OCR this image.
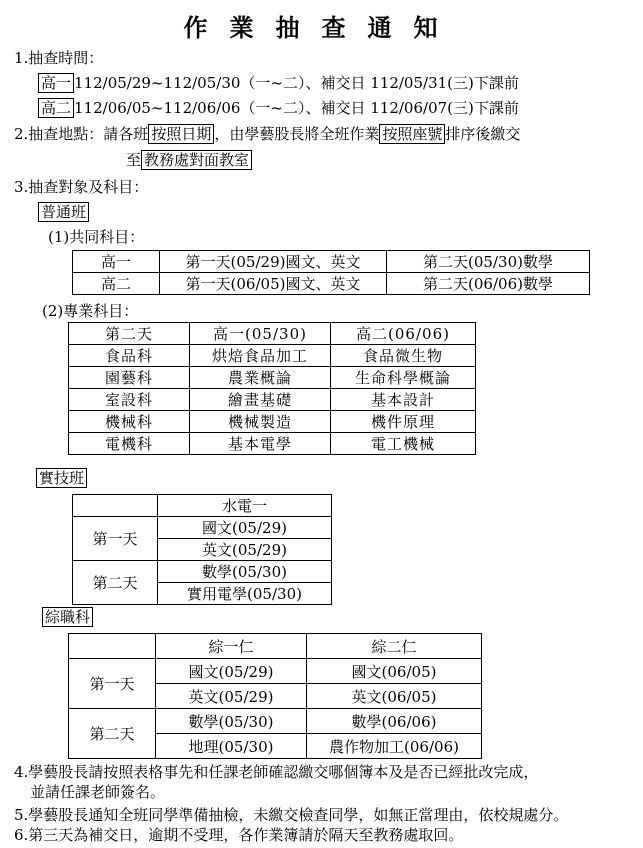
作業抽查通知
1.抽查時間：
高一 112/05/29~112/05/30（一~二）、補交日 112/05/31(三)下課前
高二 112/06/05~112/06/06（一~二）、補交日 112/06/07(三)下課前
2.抽查地點：請各班 按照日期 ，由學藝股長將全班作業 按照座號 排序後繳交
至 教務處對面教室
3.抽查對象及科目：
普通班
(1)共同科目：
高一	第一天(05/29)國文、英文	第二天(05/30)數學
高二	第一天(06/05)國文、英文	第二天(06/06)數學
(2)專業科目：
第二天	高一(05/30)	高二(06/06)
食品科	烘焙食品加工	食品微生物
園藝科	農業概論	生命科學概論
室設科	繪畫基礎	基本設計
機械科	機械製造	機件原理
電機科	基本電學	電工機械
實技班
	水電一
第一天	國文(05/29)
	英文(05/29)
第二天	數學(05/30)
	實用電學(05/30)
綜職科
	綜一仁	綜二仁
第一天	國文(05/29)	國文(06/05)
	英文(05/29)	英文(06/05)
第二天	數學(05/30)	數學(06/06)
	地理(05/30)	農作物加工(06/06)
4.學藝股長請按照表格事先和任課老師確認繳交哪個簿本及是否已經批改完成，
並請任課老師簽名。
5.學藝股長通知全班同學準備抽檢，未繳交檢查同學，如無正當理由，依校規處分。
6.第三天為補交日，逾期不受理，各作業簿請於隔天至教務處取回。
